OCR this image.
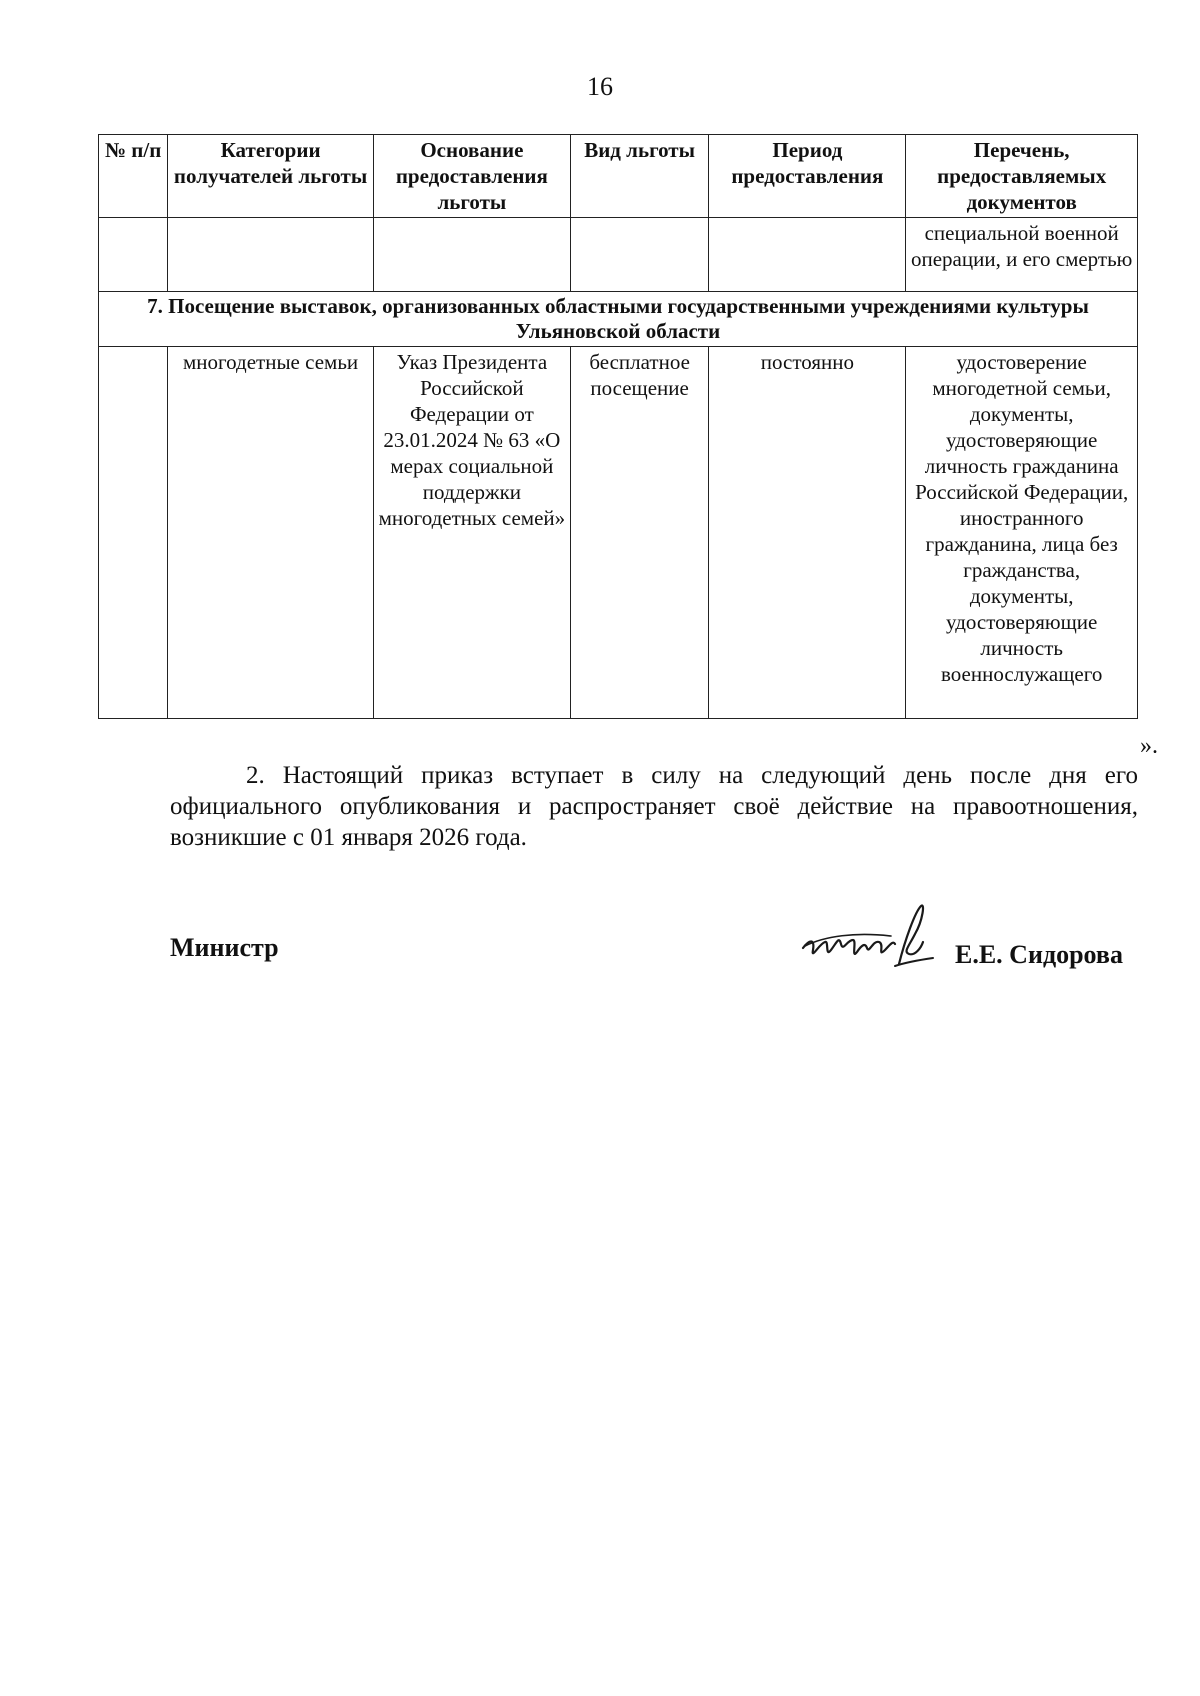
16
№ п/п	Категории получателей льготы	Основание предоставления льготы	Вид льготы	Период предоставления	Перечень, предоставляемых документов
					специальной военной операции, и его смертью
7. Посещение выставок, организованных областными государственными учреждениями культуры Ульяновской области					
	многодетные семьи	Указ Президента Российской Федерации от 23.01.2024 № 63 «О мерах социальной поддержки многодетных семей»	бесплатное посещение	постоянно	удостоверение многодетной семьи, документы, удостоверяющие личность гражданина Российской Федерации, иностранного гражданина, лица без гражданства, документы, удостоверяющие личность военнослужащего
».

2. Настоящий приказ вступает в силу на следующий день после дня его официального опубликования и распространяет своё действие на правоотношения, возникшие с 01 января 2026 года.

Министр	Е.Е. Сидорова
